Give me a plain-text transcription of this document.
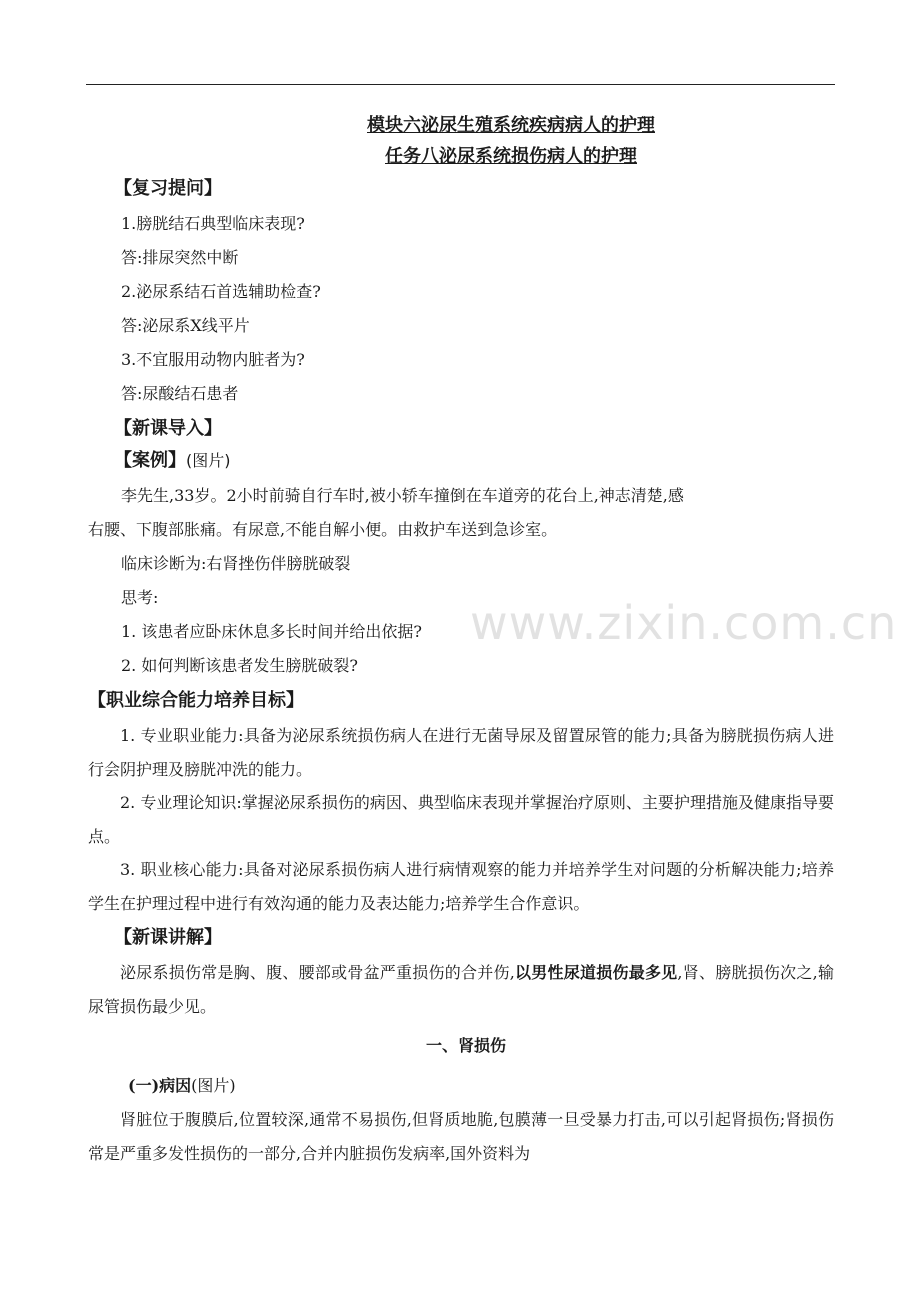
模块六泌尿生殖系统疾病病人的护理
任务八泌尿系统损伤病人的护理
【复习提问】

1.膀胱结石典型临床表现?

答:排尿突然中断

2.泌尿系结石首选辅助检查?

答:泌尿系X线平片

3.不宜服用动物内脏者为?

答:尿酸结石患者

【新课导入】
【案例】(图片)

李先生,33岁。2小时前骑自行车时,被小轿车撞倒在车道旁的花台上,神志清楚,感

右腰、下腹部胀痛。有尿意,不能自解小便。由救护车送到急诊室。

临床诊断为:右肾挫伤伴膀胱破裂

思考:

1. 该患者应卧床休息多长时间并给出依据?

2. 如何判断该患者发生膀胱破裂?

【职业综合能力培养目标】

1. 专业职业能力:具备为泌尿系统损伤病人在进行无菌导尿及留置尿管的能力;具备为膀胱损伤病人进行会阴护理及膀胱冲洗的能力。

2. 专业理论知识:掌握泌尿系损伤的病因、典型临床表现并掌握治疗原则、主要护理措施及健康指导要点。

3. 职业核心能力:具备对泌尿系损伤病人进行病情观察的能力并培养学生对问题的分析解决能力;培养学生在护理过程中进行有效沟通的能力及表达能力;培养学生合作意识。

【新课讲解】

泌尿系损伤常是胸、腹、腰部或骨盆严重损伤的合并伤,以男性尿道损伤最多见,肾、膀胱损伤次之,输尿管损伤最少见。

一、肾损伤
(一)病因(图片)

肾脏位于腹膜后,位置较深,通常不易损伤,但肾质地脆,包膜薄一旦受暴力打击,可以引起肾损伤;肾损伤常是严重多发性损伤的一部分,合并内脏损伤发病率,国外资料为

www.zixin.com.cn
